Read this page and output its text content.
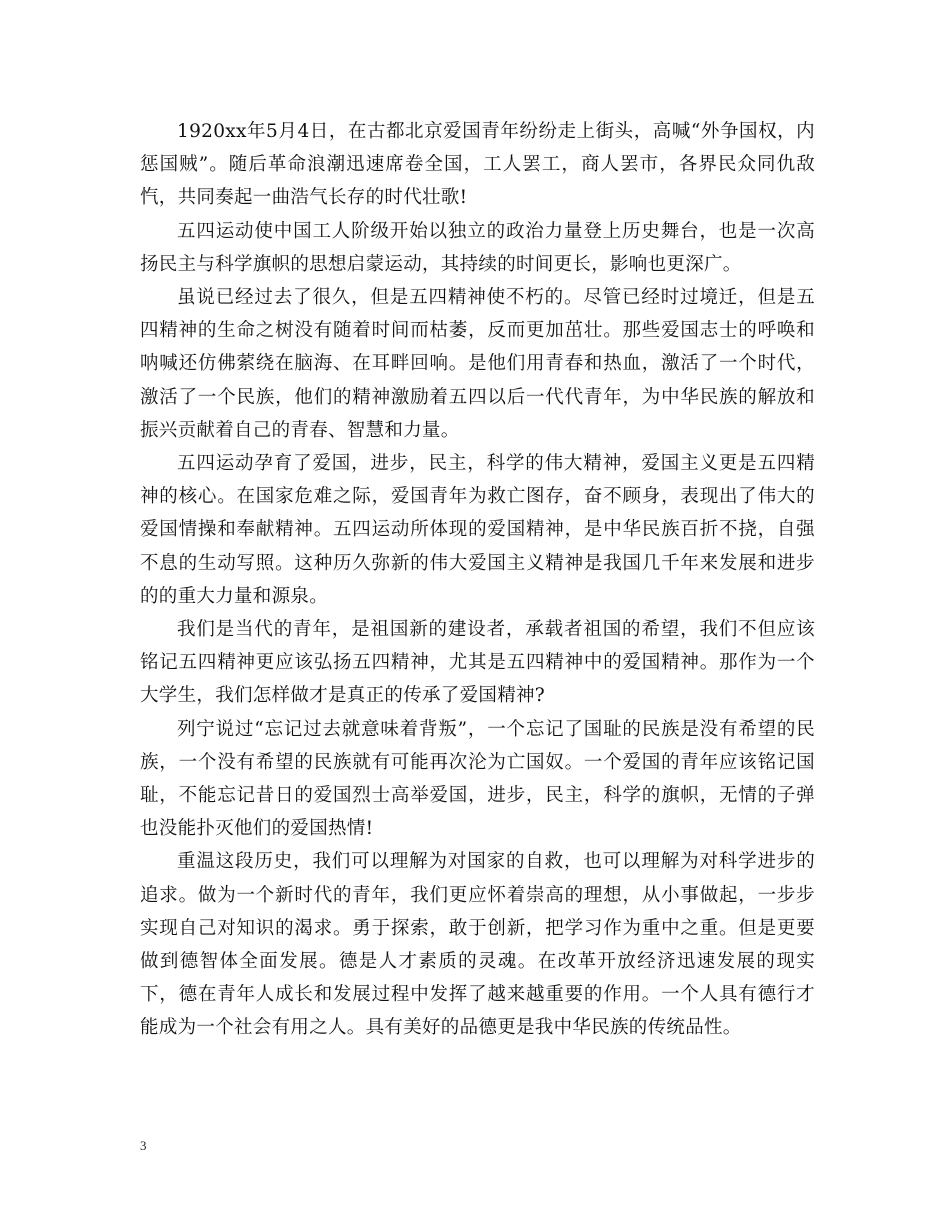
1920xx年5月4日，在古都北京爱国青年纷纷走上街头，高喊“外争国权，内惩国贼”。随后革命浪潮迅速席卷全国，工人罢工，商人罢市，各界民众同仇敌忾，共同奏起一曲浩气长存的时代壮歌!

五四运动使中国工人阶级开始以独立的政治力量登上历史舞台，也是一次高扬民主与科学旗帜的思想启蒙运动，其持续的时间更长，影响也更深广。

虽说已经过去了很久，但是五四精神使不朽的。尽管已经时过境迁，但是五四精神的生命之树没有随着时间而枯萎，反而更加茁壮。那些爱国志士的呼唤和呐喊还仿佛萦绕在脑海、在耳畔回响。是他们用青春和热血，激活了一个时代，激活了一个民族，他们的精神激励着五四以后一代代青年，为中华民族的解放和振兴贡献着自己的青春、智慧和力量。

五四运动孕育了爱国，进步，民主，科学的伟大精神，爱国主义更是五四精神的核心。在国家危难之际，爱国青年为救亡图存，奋不顾身，表现出了伟大的爱国情操和奉献精神。五四运动所体现的爱国精神，是中华民族百折不挠，自强不息的生动写照。这种历久弥新的伟大爱国主义精神是我国几千年来发展和进步的的重大力量和源泉。

我们是当代的青年，是祖国新的建设者，承载者祖国的希望，我们不但应该铭记五四精神更应该弘扬五四精神，尤其是五四精神中的爱国精神。那作为一个大学生，我们怎样做才是真正的传承了爱国精神?

列宁说过“忘记过去就意味着背叛”，一个忘记了国耻的民族是没有希望的民族，一个没有希望的民族就有可能再次沦为亡国奴。一个爱国的青年应该铭记国耻，不能忘记昔日的爱国烈士高举爱国，进步，民主，科学的旗帜，无情的子弹也没能扑灭他们的爱国热情!

重温这段历史，我们可以理解为对国家的自救，也可以理解为对科学进步的追求。做为一个新时代的青年，我们更应怀着崇高的理想，从小事做起，一步步实现自己对知识的渴求。勇于探索，敢于创新，把学习作为重中之重。但是更要做到德智体全面发展。德是人才素质的灵魂。在改革开放经济迅速发展的现实下，德在青年人成长和发展过程中发挥了越来越重要的作用。一个人具有德行才能成为一个社会有用之人。具有美好的品德更是我中华民族的传统品性。

3
